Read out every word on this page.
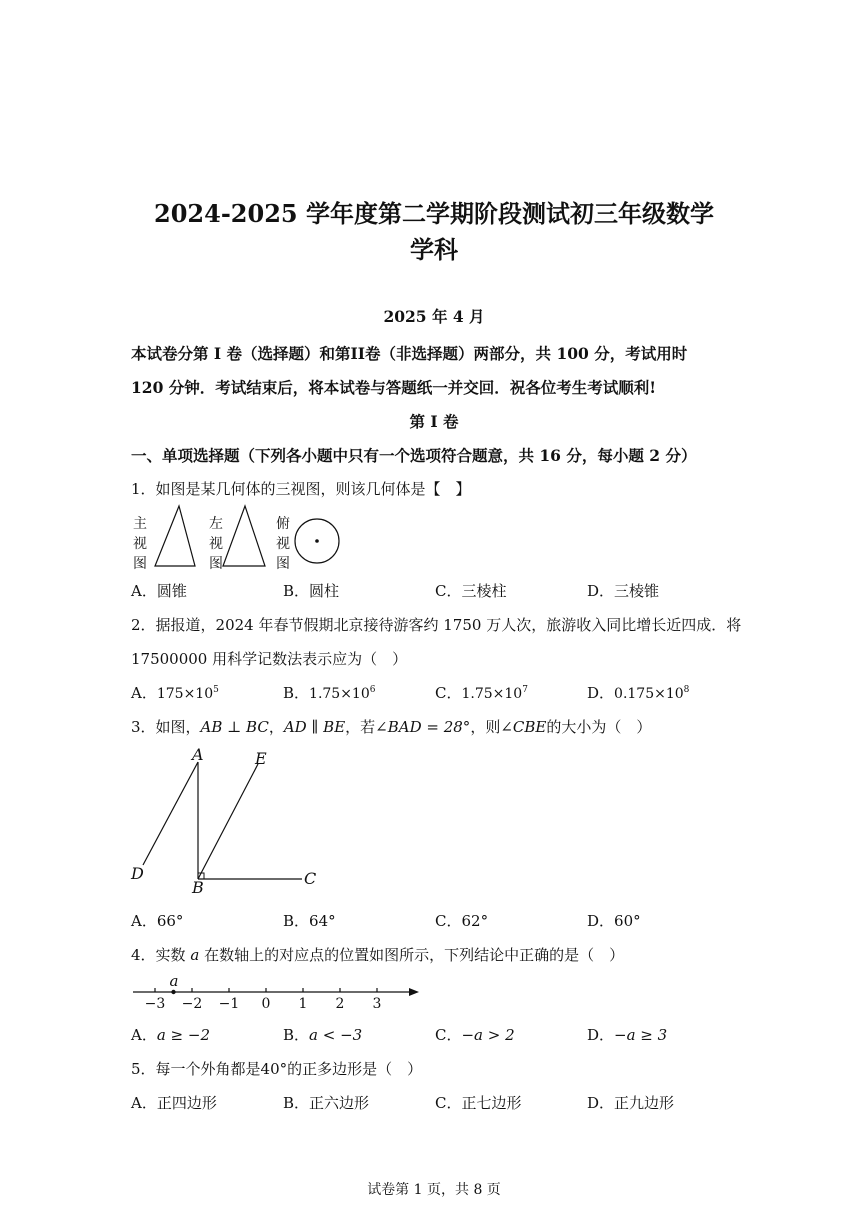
2024-2025 学年度第二学期阶段测试初三年级数学
学科
2025 年 4 月
本试卷分第 I 卷（选择题）和第II卷（非选择题）两部分，共 100 分，考试用时
120 分钟．考试结束后，将本试卷与答题纸一并交回．祝各位考生考试顺利!
第 I 卷
一、单项选择题（下列各小题中只有一个选项符合题意，共 16 分，每小题 2 分）
1．如图是某几何体的三视图，则该几何体是【　】
主
视
图
左
视
图
俯
视
图
A	E
D
B	C
−3 −2 −1 0 1 2 3
a
A．圆锥	B．圆柱	C．三棱柱	D．三棱锥
2．据报道，2024 年春节假期北京接待游客约 1750 万人次，旅游收入同比增长近四成．将
17500000 用科学记数法表示应为（　）
A．$175\times 10^5$	B．$1.75\times 10^6$	C．$1.75\times 10^7$	D．$0.175\times 10^8$
3．如图，AB ⊥ BC，AD ∥ BE，若∠BAD = 28°，则∠CBE的大小为（　）
A．66°	B．64°	C．62°	D．60°
4．实数 a 在数轴上的对应点的位置如图所示，下列结论中正确的是（　）
A．a ≥ −2	B．a < −3	C．−a > 2	D．−a ≥ 3
5．每一个外角都是40°的正多边形是（　）
A．正四边形	B．正六边形	C．正七边形	D．正九边形
试卷第 1 页，共 8 页
